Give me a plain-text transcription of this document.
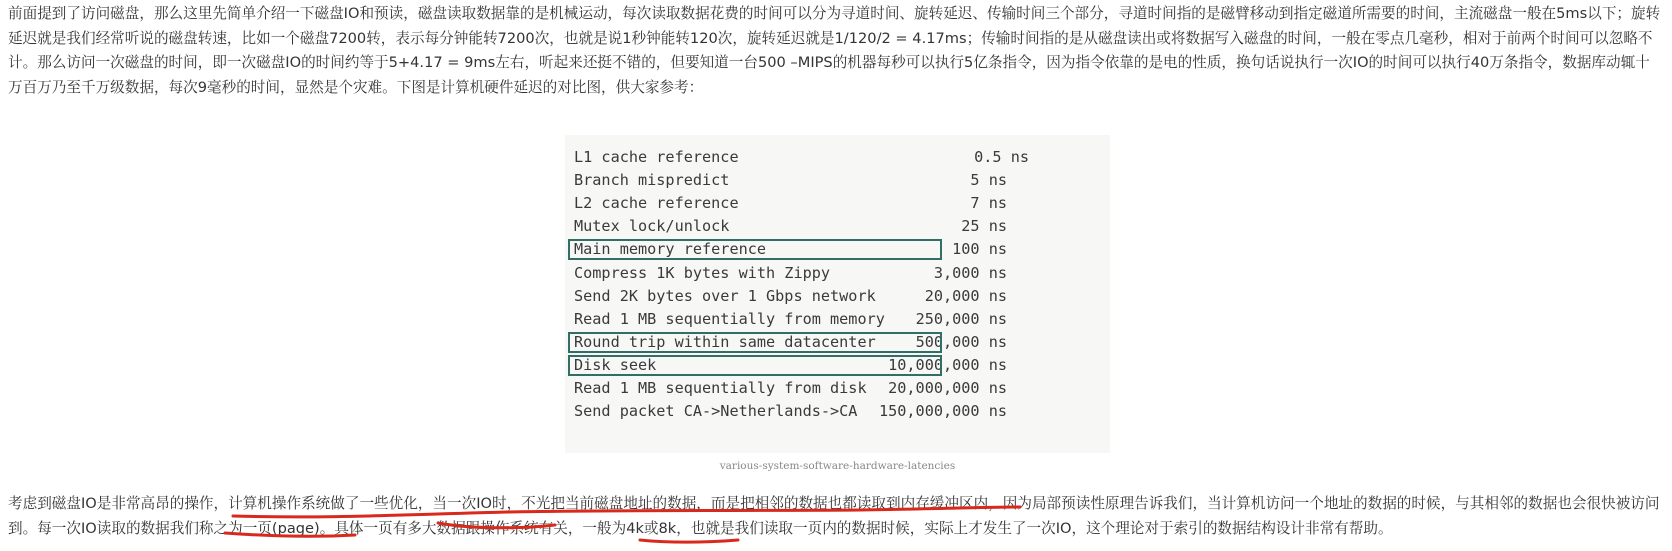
前面提到了访问磁盘，那么这里先简单介绍一下磁盘IO和预读，磁盘读取数据靠的是机械运动，每次读取数据花费的时间可以分为寻道时间、旋转延迟、传输时间三个部分，寻道时间指的是磁臂移动到指定磁道所需要的时间，主流磁盘一般在5ms以下；旋转延迟就是我们经常听说的磁盘转速，比如一个磁盘7200转，表示每分钟能转7200次，也就是说1秒钟能转120次，旋转延迟就是1/120/2 = 4.17ms；传输时间指的是从磁盘读出或将数据写入磁盘的时间，一般在零点几毫秒，相对于前两个时间可以忽略不计。那么访问一次磁盘的时间，即一次磁盘IO的时间约等于5+4.17 = 9ms左右，听起来还挺不错的，但要知道一台500 –MIPS的机器每秒可以执行5亿条指令，因为指令依靠的是电的性质，换句话说执行一次IO的时间可以执行40万条指令，数据库动辄十万百万乃至千万级数据，每次9毫秒的时间，显然是个灾难。下图是计算机硬件延迟的对比图，供大家参考：

L1 cache reference	0.5 ns
Branch mispredict	5 ns
L2 cache reference	7 ns
Mutex lock/unlock	25 ns
Main memory reference	100 ns
Compress 1K bytes with Zippy	3,000 ns
Send 2K bytes over 1 Gbps network	20,000 ns
Read 1 MB sequentially from memory 250,000 ns
Round trip within same datacenter	500,000 ns
Disk seek	10,000,000 ns
Read 1 MB sequentially from disk 20,000,000 ns
Send packet CA->Netherlands->CA 150,000,000 ns
various-system-software-hardware-latencies

考虑到磁盘IO是非常高昂的操作，计算机操作系统做了一些优化，当一次IO时，不光把当前磁盘地址的数据，而是把相邻的数据也都读取到内存缓冲区内，因为局部预读性原理告诉我们，当计算机访问一个地址的数据的时候，与其相邻的数据也会很快被访问到。每一次IO读取的数据我们称之为一页(page)。具体一页有多大数据跟操作系统有关，一般为4k或8k，也就是我们读取一页内的数据时候，实际上才发生了一次IO，这个理论对于索引的数据结构设计非常有帮助。
